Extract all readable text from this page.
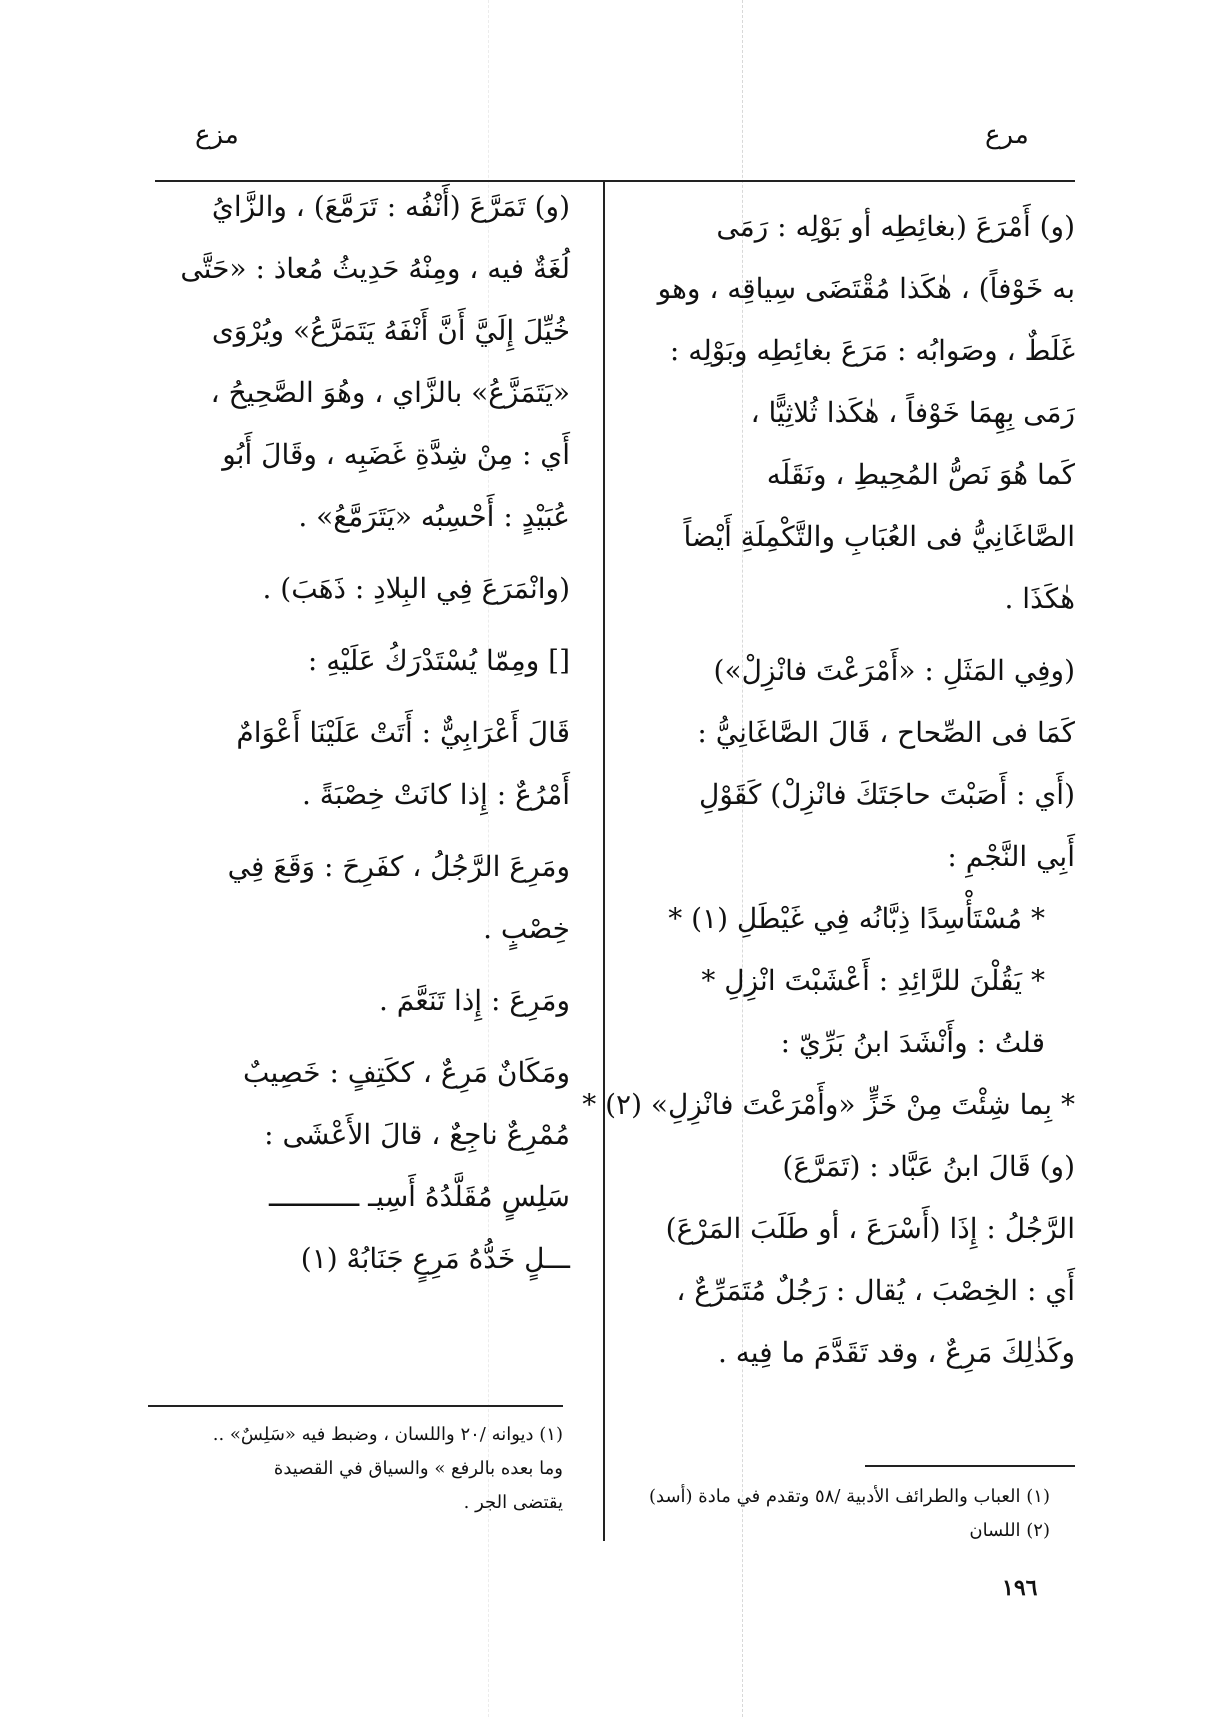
مرع
مزع
(و) أَمْرَعَ (بغائِطِه أو بَوْلِه : رَمَى
به خَوْفاً) ، هٰكَذا مُقْتَضَى سِياقِه ، وهو
غَلَطٌ ، وصَوابُه : مَرَعَ بغائِطِه وبَوْلِه :
رَمَى بِهِمَا خَوْفاً ، هٰكَذا ثُلاثِيًّا ،
كَما هُوَ نَصُّ المُحِيطِ ، ونَقَلَه
الصَّاغَانِيُّ فى العُبَابِ والتَّكْمِلَةِ أَيْضاً
هٰكَذَا .
(وفِي المَثَلِ : «أَمْرَعْتَ فانْزِلْ»)
كَمَا فى الصِّحاح ، قَالَ الصَّاغَانِيُّ :
(أَي : أَصَبْتَ حاجَتَكَ فانْزِلْ) كَقَوْلِ
أَبِي النَّجْمِ :
* مُسْتَأْسِدًا ذِبَّانُه فِي غَيْطَلِ (١) *
* يَقُلْنَ للرَّائِدِ : أَعْشَبْتَ انْزِلِ *
قلتُ : وأَنْشَدَ ابنُ بَرِّيّ :
* بِما شِئْتَ مِنْ خَزٍّ «وأَمْرَعْتَ فانْزِلِ» (٢) *
(و) قَالَ ابنُ عَبَّاد : (تَمَرَّعَ)
الرَّجُلُ : إِذَا (أَسْرَعَ ، أو طَلَبَ المَرْعَ)
أَي : الخِصْبَ ، يُقال : رَجُلٌ مُتَمَرِّعٌ ،
وكَذٰلِكَ مَرِعٌ ، وقد تَقَدَّمَ ما فِيه .
(و) تَمَرَّعَ (أَنْفُه : تَرَمَّعَ) ، والزَّايُ
لُغَةٌ فيه ، ومِنْهُ حَدِيثُ مُعاذ : «حَتَّى
خُيِّلَ إِلَيَّ أَنَّ أَنْفَهُ يَتَمَرَّعُ» ويُرْوَى
«يَتَمَزَّعُ» بالزَّاي ، وهُوَ الصَّحِيحُ ،
أَي : مِنْ شِدَّةِ غَضَبِه ، وقَالَ أَبُو
عُبَيْدٍ : أَحْسِبُه «يَتَرَمَّعُ» .
(وانْمَرَعَ فِي البِلادِ : ذَهَبَ) .
[] ومِمّا يُسْتَدْرَكُ عَلَيْهِ :
قَالَ أَعْرَابِيٌّ : أَتَتْ عَلَيْنَا أَعْوَامٌ
أَمْرُعٌ : إِذا كانَتْ خِصْبَةً .
ومَرِعَ الرَّجُلُ ، كفَرِحَ : وَقَعَ فِي
خِصْبٍ .
ومَرِعَ : إِذا تَنَعَّمَ .
ومَكَانٌ مَرِعٌ ، ككَتِفٍ : خَصِيبٌ
مُمْرِعٌ ناجِعٌ ، قالَ الأَعْشَى :
سَلِسٍ مُقَلَّدُهُ أَسِيـ ـــــــــــ
ـــلٍ خَدُّهُ مَرِعٍ جَنَابُهْ (١)
(١) العباب والطرائف الأدبية /٥٨ وتقدم في مادة (أسد)
(٢) اللسان
(١) ديوانه /٢٠ واللسان ، وضبط فيه «سَلِسٌ» ..
وما بعده بالرفع » والسياق في القصيدة
يقتضى الجر .
١٩٦
